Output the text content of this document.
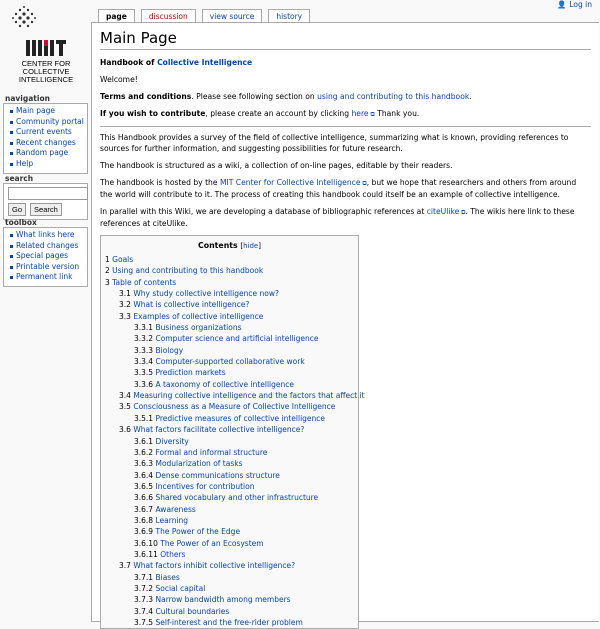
CENTER FOR
COLLECTIVE
INTELLIGENCE
👤 Log in
page	discussion	view source	history
navigation
Main page
Community portal
Current events
Recent changes
Random page
Help
search
Go Search
toolbox
What links here
Related changes
Special pages
Printable version
Permanent link
Main Page

Handbook of Collective Intelligence

Welcome!

Terms and conditions. Please see following section on using and contributing to this handbook.

If you wish to contribute, please create an account by clicking here ⧉ Thank you.

This Handbook provides a survey of the field of collective intelligence, summarizing what is known, providing references to sources for further information, and suggesting possibilities for future research.

The handbook is structured as a wiki, a collection of on-line pages, editable by their readers.

The handbook is hosted by the MIT Center for Collective Intelligence ⧉ , but we hope that researchers and others from around the world will contribute to it. The process of creating this handbook could itself be an example of collective intelligence.

In parallel with this Wiki, we are developing a database of bibliographic references at citeUlike ⧉ . The wikis here link to these references at citeUlike.

Contents [hide]
1 Goals
2 Using and contributing to this handbook
3 Table of contents
3.1 Why study collective intelligence now?
3.2 What is collective intelligence?
3.3 Examples of collective intelligence
3.3.1 Business organizations
3.3.2 Computer science and artificial intelligence
3.3.3 Biology
3.3.4 Computer-supported collaborative work
3.3.5 Prediction markets
3.3.6 A taxonomy of collective intelligence
3.4 Measuring collective intelligence and the factors that affect it
3.5 Consciousness as a Measure of Collective Intelligence
3.5.1 Predictive measures of collective intelligence
3.6 What factors facilitate collective intelligence?
3.6.1 Diversity
3.6.2 Formal and informal structure
3.6.3 Modularization of tasks
3.6.4 Dense communications structure
3.6.5 Incentives for contribution
3.6.6 Shared vocabulary and other infrastructure
3.6.7 Awareness
3.6.8 Learning
3.6.9 The Power of the Edge
3.6.10 The Power of an Ecosystem
3.6.11 Others
3.7 What factors inhibit collective intelligence?
3.7.1 Biases
3.7.2 Social capital
3.7.3 Narrow bandwidth among members
3.7.4 Cultural boundaries
3.7.5 Self-interest and the free-rider problem
